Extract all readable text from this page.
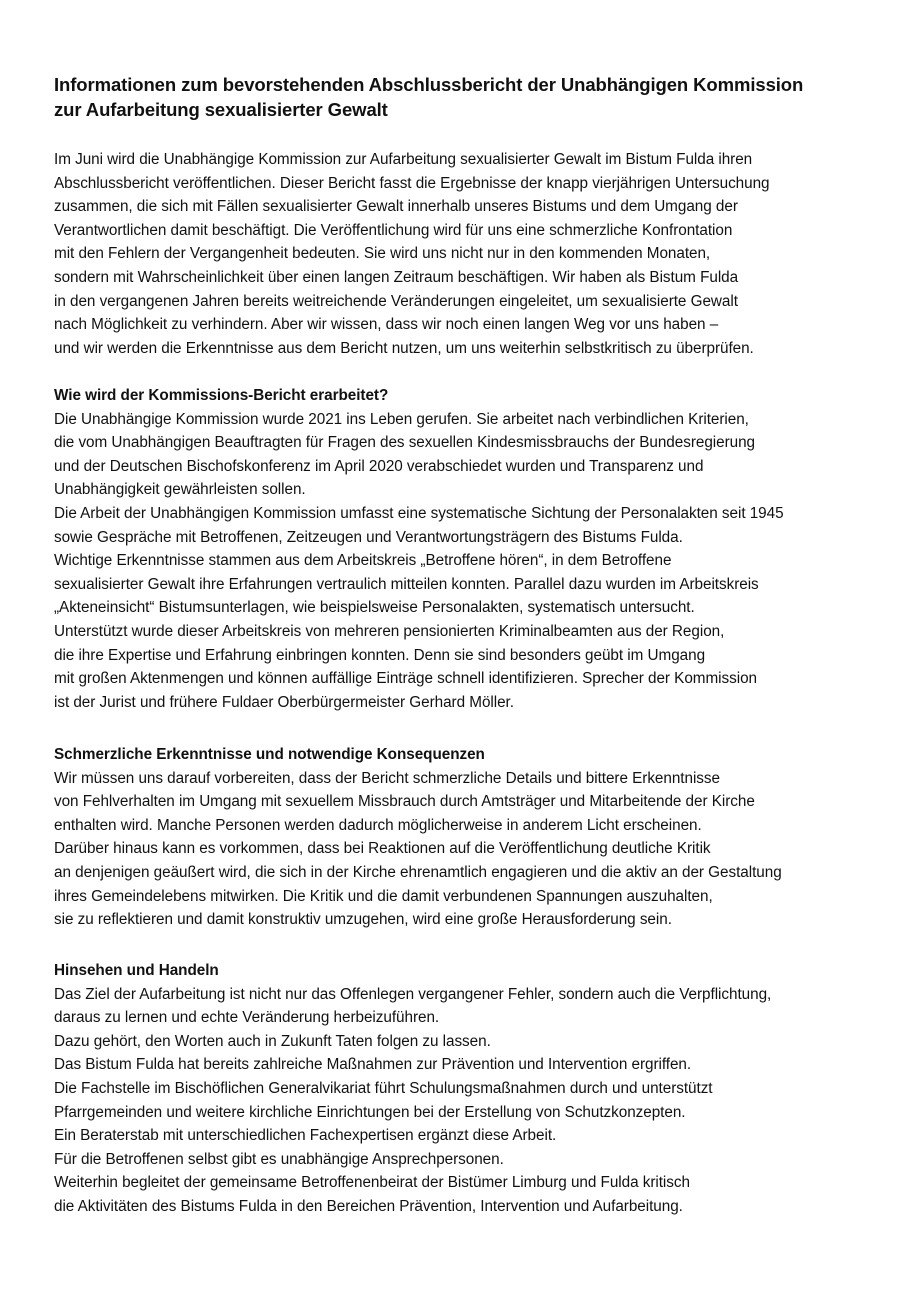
Informationen zum bevorstehenden Abschlussbericht der Unabhängigen Kommission
zur Aufarbeitung sexualisierter Gewalt
Im Juni wird die Unabhängige Kommission zur Aufarbeitung sexualisierter Gewalt im Bistum Fulda ihren
Abschlussbericht veröffentlichen. Dieser Bericht fasst die Ergebnisse der knapp vierjährigen Untersuchung
zusammen, die sich mit Fällen sexualisierter Gewalt innerhalb unseres Bistums und dem Umgang der
Verantwortlichen damit beschäftigt. Die Veröffentlichung wird für uns eine schmerzliche Konfrontation
mit den Fehlern der Vergangenheit bedeuten. Sie wird uns nicht nur in den kommenden Monaten,
sondern mit Wahrscheinlichkeit über einen langen Zeitraum beschäftigen. Wir haben als Bistum Fulda
in den vergangenen Jahren bereits weitreichende Veränderungen eingeleitet, um sexualisierte Gewalt
nach Möglichkeit zu verhindern. Aber wir wissen, dass wir noch einen langen Weg vor uns haben –
und wir werden die Erkenntnisse aus dem Bericht nutzen, um uns weiterhin selbstkritisch zu überprüfen.
Wie wird der Kommissions-Bericht erarbeitet?
Die Unabhängige Kommission wurde 2021 ins Leben gerufen. Sie arbeitet nach verbindlichen Kriterien,
die vom Unabhängigen Beauftragten für Fragen des sexuellen Kindesmissbrauchs der Bundesregierung
und der Deutschen Bischofskonferenz im April 2020 verabschiedet wurden und Transparenz und
Unabhängigkeit gewährleisten sollen.
Die Arbeit der Unabhängigen Kommission umfasst eine systematische Sichtung der Personalakten seit 1945
sowie Gespräche mit Betroffenen, Zeitzeugen und Verantwortungsträgern des Bistums Fulda.
Wichtige Erkenntnisse stammen aus dem Arbeitskreis „Betroffene hören“, in dem Betroffene
sexualisierter Gewalt ihre Erfahrungen vertraulich mitteilen konnten. Parallel dazu wurden im Arbeitskreis
„Akteneinsicht“ Bistumsunterlagen, wie beispielsweise Personalakten, systematisch untersucht.
Unterstützt wurde dieser Arbeitskreis von mehreren pensionierten Kriminalbeamten aus der Region,
die ihre Expertise und Erfahrung einbringen konnten. Denn sie sind besonders geübt im Umgang
mit großen Aktenmengen und können auffällige Einträge schnell identifizieren. Sprecher der Kommission
ist der Jurist und frühere Fuldaer Oberbürgermeister Gerhard Möller.
Schmerzliche Erkenntnisse und notwendige Konsequenzen
Wir müssen uns darauf vorbereiten, dass der Bericht schmerzliche Details und bittere Erkenntnisse
von Fehlverhalten im Umgang mit sexuellem Missbrauch durch Amtsträger und Mitarbeitende der Kirche
enthalten wird. Manche Personen werden dadurch möglicherweise in anderem Licht erscheinen.
Darüber hinaus kann es vorkommen, dass bei Reaktionen auf die Veröffentlichung deutliche Kritik
an denjenigen geäußert wird, die sich in der Kirche ehrenamtlich engagieren und die aktiv an der Gestaltung
ihres Gemeindelebens mitwirken. Die Kritik und die damit verbundenen Spannungen auszuhalten,
sie zu reflektieren und damit konstruktiv umzugehen, wird eine große Herausforderung sein.
Hinsehen und Handeln
Das Ziel der Aufarbeitung ist nicht nur das Offenlegen vergangener Fehler, sondern auch die Verpflichtung,
daraus zu lernen und echte Veränderung herbeizuführen.
Dazu gehört, den Worten auch in Zukunft Taten folgen zu lassen.
Das Bistum Fulda hat bereits zahlreiche Maßnahmen zur Prävention und Intervention ergriffen.
Die Fachstelle im Bischöflichen Generalvikariat führt Schulungsmaßnahmen durch und unterstützt
Pfarrgemeinden und weitere kirchliche Einrichtungen bei der Erstellung von Schutzkonzepten.
Ein Beraterstab mit unterschiedlichen Fachexpertisen ergänzt diese Arbeit.
Für die Betroffenen selbst gibt es unabhängige Ansprechpersonen.
Weiterhin begleitet der gemeinsame Betroffenenbeirat der Bistümer Limburg und Fulda kritisch
die Aktivitäten des Bistums Fulda in den Bereichen Prävention, Intervention und Aufarbeitung.
